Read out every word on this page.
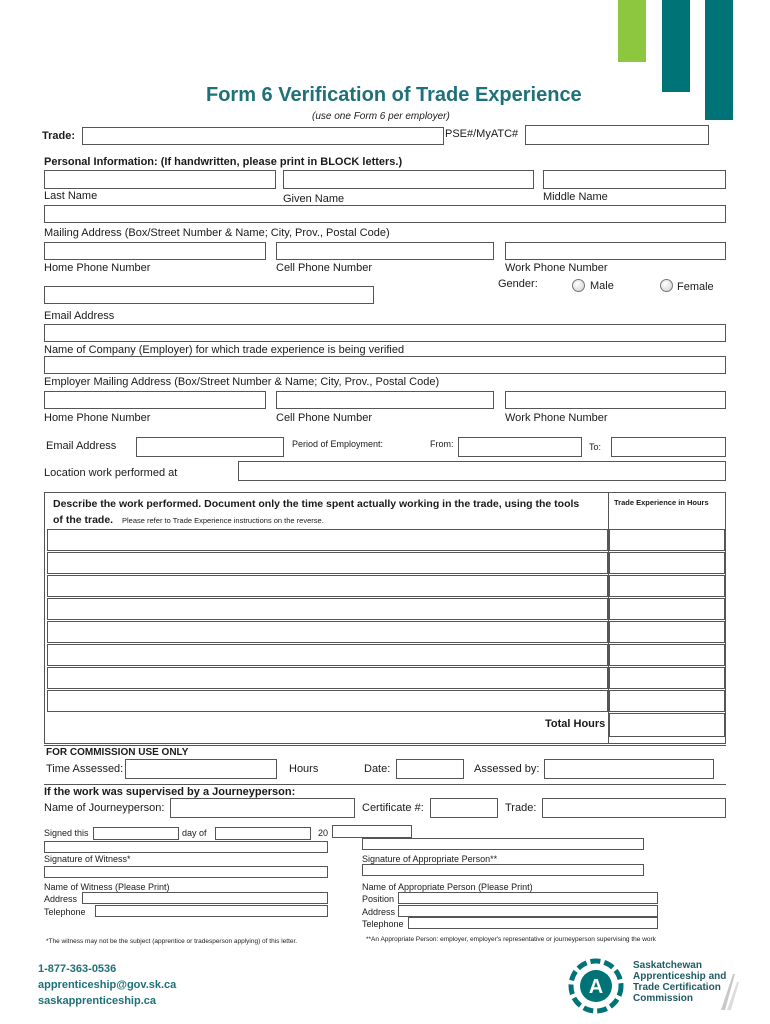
Form 6 Verification of Trade Experience
(use one Form 6 per employer)
Trade:	PSE#/MyATC#
Personal Information: (If handwritten, please print in BLOCK letters.)
Last Name	Given Name	Middle Name
Mailing Address (Box/Street Number & Name; City, Prov., Postal Code)
Home Phone Number	Cell Phone Number	Work Phone Number
Gender:	Male	Female
Email Address
Name of Company (Employer) for which trade experience is being verified
Employer Mailing Address (Box/Street Number & Name; City, Prov., Postal Code)
Home Phone Number	Cell Phone Number	Work Phone Number
Email Address	Period of Employment:	From:	To:
Location work performed at
Describe the work performed. Document only the time spent actually working in the trade, using the tools
of the trade. Please refer to Trade Experience instructions on the reverse.
Trade Experience in Hours
Total Hours
FOR COMMISSION USE ONLY
Time Assessed:	Hours	Date:	Assessed by:
If the work was supervised by a Journeyperson:
Name of Journeyperson:	Certificate #:	Trade:
Signed this	day of	20
Signature of Witness*	Signature of Appropriate Person**
Name of Witness (Please Print)
Address
Telephone
Name of Appropriate Person (Please Print)
Position
Address
Telephone
*The witness may not be the subject (apprentice or tradesperson applying) of this letter.	**An Appropriate Person: employer, employer's representative or journeyperson supervising the work
1-877-363-0536
apprenticeship@gov.sk.ca
saskapprenticeship.ca
A
Saskatchewan
Apprenticeship and
Trade Certification
Commission
